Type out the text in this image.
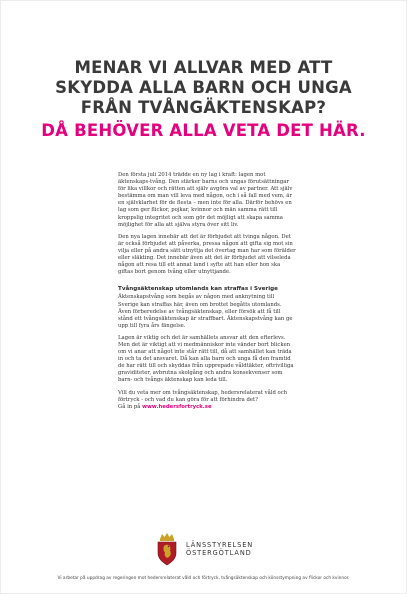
MENAR VI ALLVAR MED ATT
SKYDDA ALLA BARN OCH UNGA
FRÅN TVÅNGÄKTENSKAP?
DÅ BEHÖVER ALLA VETA DET HÄR.

Den första juli 2014 trädde en ny lag i kraft: lagen mot äktenskaps-tvång. Den stärker barns och ungas förutsättningar för lika villkor och rätten att själv avgöra val av partner. Att själv bestämma om man vill leva med någon, och i så fall med vem, är en självklarhet för de flesta – men inte för alla. Därför behövs en lag som ger flickor, pojkar, kvinnor och män samma rätt till kroppslig integritet och som gör det möjligt att skapa samma möjlighet för alla att själva styra över sitt liv.

Den nya lagen innebär att det är förbjudet att tvinga någon. Det är också förbjudet att påverka, pressa någon att gifta sig mot sin vilja eller på andra sätt utnyttja det övertag man har som förälder eller släkting. Det innebär även att det är förbjudet att vilseleda någon att resa till ett annat land i syfte att han eller hon ska giftas bort genom tvång eller utnyttjande.

Tvångsäktenskap utomlands kan straffas i Sverige

Äktenskapstvång som begås av någon med anknytning till Sverige kan straffas här, även om brottet begåtts utomlands. Även förberedelse av tvångsäktenskap, eller försök att få till stånd ett tvångsäktenskap är straffbart. Äktenskapstvång kan ge upp till fyra års fängelse.

Lagen är viktig och det är samhällets ansvar att den efterlevs. Men det är viktigt att vi medmänniskor inte vänder bort blicken om vi anar att något inte står rätt till, då att samhället kan träda in och ta det ansvaret. Då kan alla barn och unga få den framtid de har rätt till och skyddas från upprepade våldtäkter, oftrivilliga graviditeter, avbrutna skolgång och andra konsekvenser som barn- och tvångs äktenskap kan leda till.

Vill du veta mer om tvångsäktenskap, hedersrelaterat våld och förtryck - och vad du kan göra för att förhindra det?

Gå in på www.hedersfortryck.se

LÄNSSTYRELSEN
ÖSTERGÖTLAND
Vi arbetar på uppdrag av regeringen mot hedersrelaterat våld och förtryck, tvångsäktenskap och könsstympning av flickor och kvinnor.
